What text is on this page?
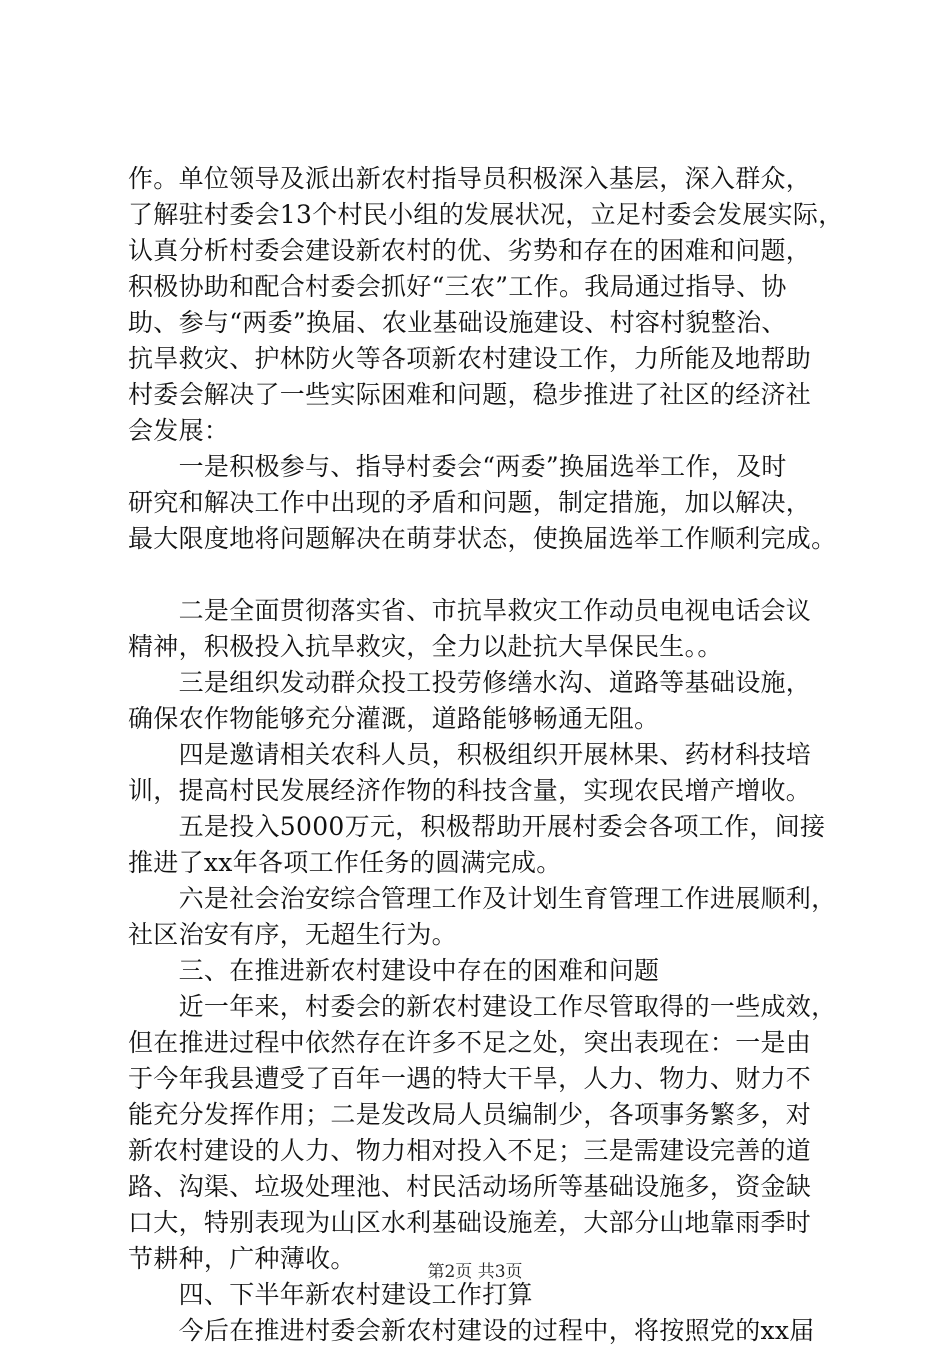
作。单位领导及派出新农村指导员积极深入基层，深入群众，
了解驻村委会13个村民小组的发展状况，立足村委会发展实际，
认真分析村委会建设新农村的优、劣势和存在的困难和问题，
积极协助和配合村委会抓好“三农”工作。我局通过指导、协
助、参与“两委”换届、农业基础设施建设、村容村貌整治、
抗旱救灾、护林防火等各项新农村建设工作，力所能及地帮助
村委会解决了一些实际困难和问题，稳步推进了社区的经济社
会发展：
　　一是积极参与、指导村委会“两委”换届选举工作，及时
研究和解决工作中出现的矛盾和问题，制定措施，加以解决，
最大限度地将问题解决在萌芽状态，使换届选举工作顺利完成。
　　二是全面贯彻落实省、市抗旱救灾工作动员电视电话会议
精神，积极投入抗旱救灾，全力以赴抗大旱保民生。。
　　三是组织发动群众投工投劳修缮水沟、道路等基础设施，
确保农作物能够充分灌溉，道路能够畅通无阻。
　　四是邀请相关农科人员，积极组织开展林果、药材科技培
训，提高村民发展经济作物的科技含量，实现农民增产增收。
　　五是投入5000万元，积极帮助开展村委会各项工作，间接
推进了xx年各项工作任务的圆满完成。
　　六是社会治安综合管理工作及计划生育管理工作进展顺利，
社区治安有序，无超生行为。
　　三、在推进新农村建设中存在的困难和问题
　　近一年来，村委会的新农村建设工作尽管取得的一些成效，
但在推进过程中依然存在许多不足之处，突出表现在：一是由
于今年我县遭受了百年一遇的特大干旱，人力、物力、财力不
能充分发挥作用；二是发改局人员编制少，各项事务繁多，对
新农村建设的人力、物力相对投入不足；三是需建设完善的道
路、沟渠、垃圾处理池、村民活动场所等基础设施多，资金缺
口大，特别表现为山区水利基础设施差，大部分山地靠雨季时
节耕种，广种薄收。
　　四、下半年新农村建设工作打算
　　今后在推进村委会新农村建设的过程中，将按照党的xx届
第2页 共3页
